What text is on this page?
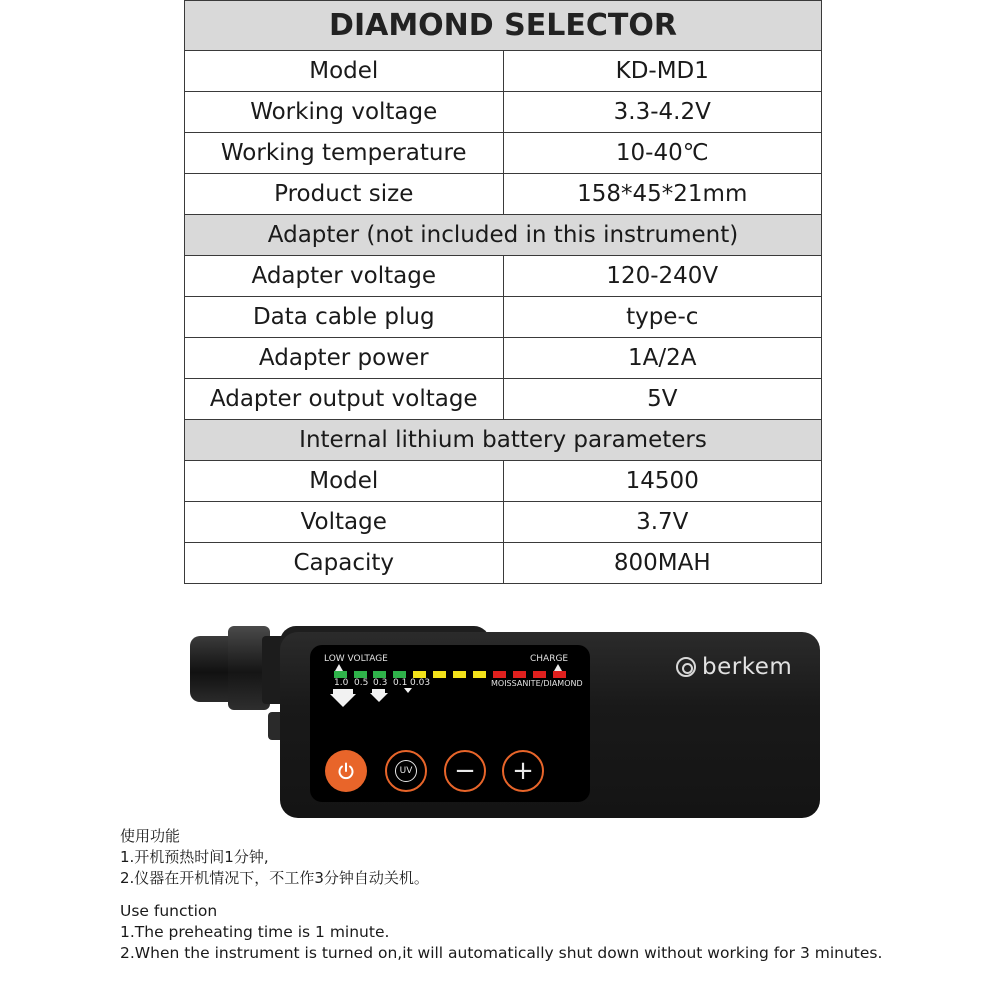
DIAMOND SELECTOR	
Model	KD-MD1
Working voltage	3.3-4.2V
Working temperature	10-40℃
Product size	158*45*21mm
Adapter (not included in this instrument)	
Adapter voltage	120-240V
Data cable plug	type-c
Adapter power	1A/2A
Adapter output voltage	5V
Internal lithium battery parameters	
Model	14500
Voltage	3.7V
Capacity	800MAH
berkem
LOW VOLTAGE	CHARGE
1.0 0.5 0.3 0.1 0.03	MOISSANITE/DIAMOND
UV − +
使用功能
1.开机预热时间1分钟,
2.仪器在开机情况下，不工作3分钟自动关机。
Use function
1.The preheating time is 1 minute.
2.When the instrument is turned on,it will automatically shut down without working for 3 minutes.
